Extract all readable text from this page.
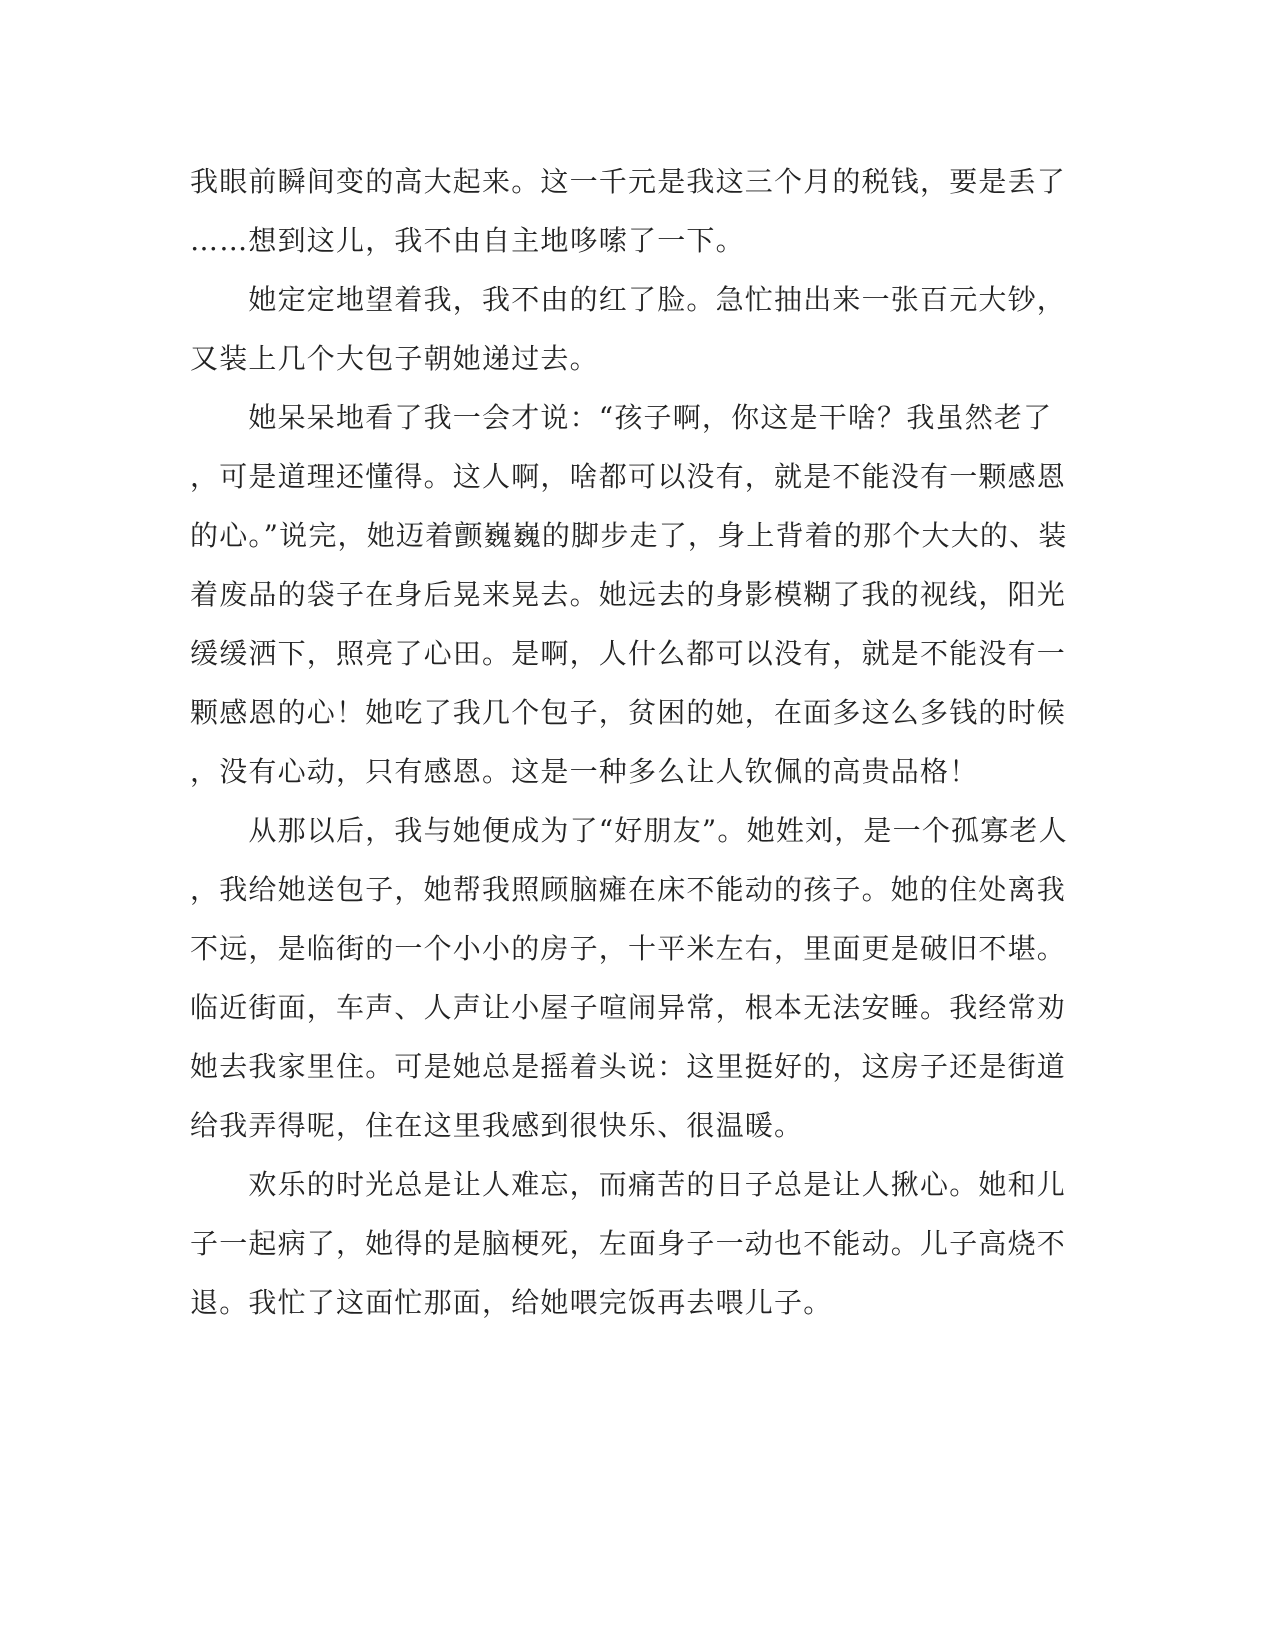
我眼前瞬间变的高大起来。这一千元是我这三个月的税钱，要是丢了
……想到这儿，我不由自主地哆嗦了一下。
　　她定定地望着我，我不由的红了脸。急忙抽出来一张百元大钞，
又装上几个大包子朝她递过去。
　　她呆呆地看了我一会才说：“孩子啊，你这是干啥？我虽然老了
，可是道理还懂得。这人啊，啥都可以没有，就是不能没有一颗感恩
的心。”说完，她迈着颤巍巍的脚步走了，身上背着的那个大大的、装
着废品的袋子在身后晃来晃去。她远去的身影模糊了我的视线，阳光
缓缓洒下，照亮了心田。是啊，人什么都可以没有，就是不能没有一
颗感恩的心！她吃了我几个包子，贫困的她，在面多这么多钱的时候
，没有心动，只有感恩。这是一种多么让人钦佩的高贵品格！
　　从那以后，我与她便成为了“好朋友”。她姓刘，是一个孤寡老人
，我给她送包子，她帮我照顾脑瘫在床不能动的孩子。她的住处离我
不远，是临街的一个小小的房子，十平米左右，里面更是破旧不堪。
临近街面，车声、人声让小屋子喧闹异常，根本无法安睡。我经常劝
她去我家里住。可是她总是摇着头说：这里挺好的，这房子还是街道
给我弄得呢，住在这里我感到很快乐、很温暖。
　　欢乐的时光总是让人难忘，而痛苦的日子总是让人揪心。她和儿
子一起病了，她得的是脑梗死，左面身子一动也不能动。儿子高烧不
退。我忙了这面忙那面，给她喂完饭再去喂儿子。
